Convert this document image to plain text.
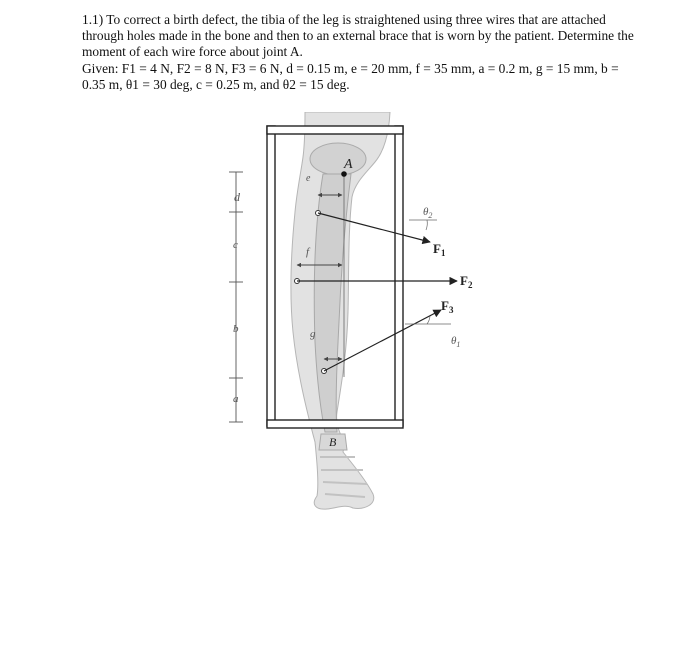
1.1) To correct a birth defect, the tibia of the leg is straightened using three wires that are attached through holes made in the bone and then to an external brace that is worn by the patient. Determine the moment of each wire force about joint A.

Given: F1 = 4 N, F2 = 8 N, F3 = 6 N, d = 0.15 m, e = 20 mm, f = 35 mm, a = 0.2 m, g = 15 mm, b = 0.35 m, θ1 = 30 deg, c = 0.25 m, and θ2 = 15 deg.

d
c
b
a
A
e
f
g
$\theta_2$
$\theta_1$
$F_1$
$F_2$
$F_3$
B
